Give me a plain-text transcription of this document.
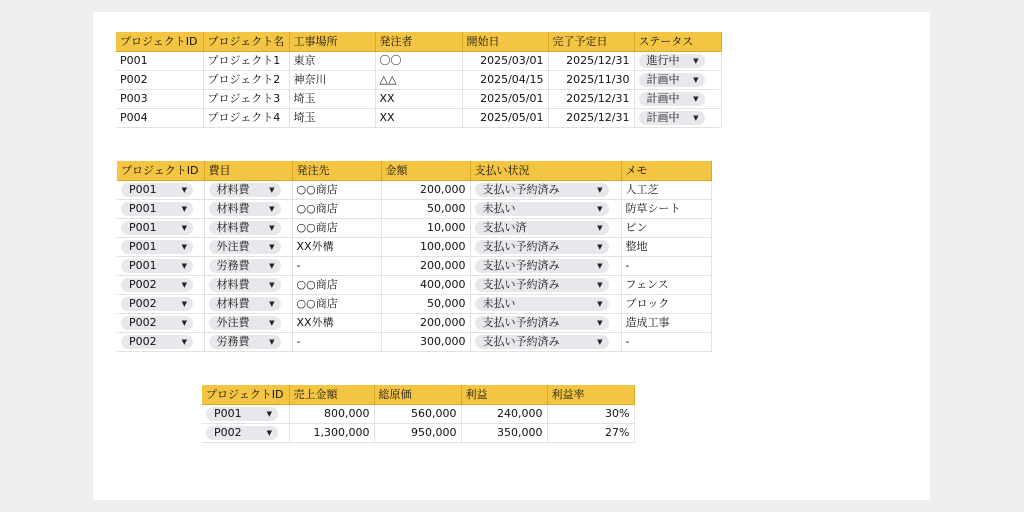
プロジェクトID	プロジェクト名	工事場所	発注者	開始日	完了予定日	ステータス
P001	プロジェクト1	東京	〇〇	2025/03/01	2025/12/31	進行中 ▼

P002	プロジェクト2	神奈川	△△	2025/04/15	2025/11/30	計画中 ▼

P003	プロジェクト3	埼玉	XX	2025/05/01	2025/12/31	計画中 ▼

P004	プロジェクト4	埼玉	XX	2025/05/01	2025/12/31	計画中 ▼
プロジェクトID	費目	発注先	金額	支払い状況	メモ
P001 ▼	材料費 ▼	○○商店	200,000	支払い予約済み ▼	人工芝
P001 ▼	材料費 ▼	○○商店	50,000	未払い ▼	防草シート
P001 ▼	材料費 ▼	○○商店	10,000	支払い済 ▼	ピン
P001 ▼	外注費 ▼	XX外構	100,000	支払い予約済み ▼	整地
P001 ▼	労務費 ▼	-	200,000	支払い予約済み ▼	-
P002 ▼	材料費 ▼	○○商店	400,000	支払い予約済み ▼	フェンス
P002 ▼	材料費 ▼	○○商店	50,000	未払い ▼	ブロック
P002 ▼	外注費 ▼	XX外構	200,000	支払い予約済み ▼	造成工事
P002 ▼	労務費 ▼	-	300,000	支払い予約済み ▼	-
プロジェクトID	売上金額	総原価	利益	利益率
P001 ▼	800,000	560,000	240,000	30%
P002 ▼	1,300,000	950,000	350,000	27%
